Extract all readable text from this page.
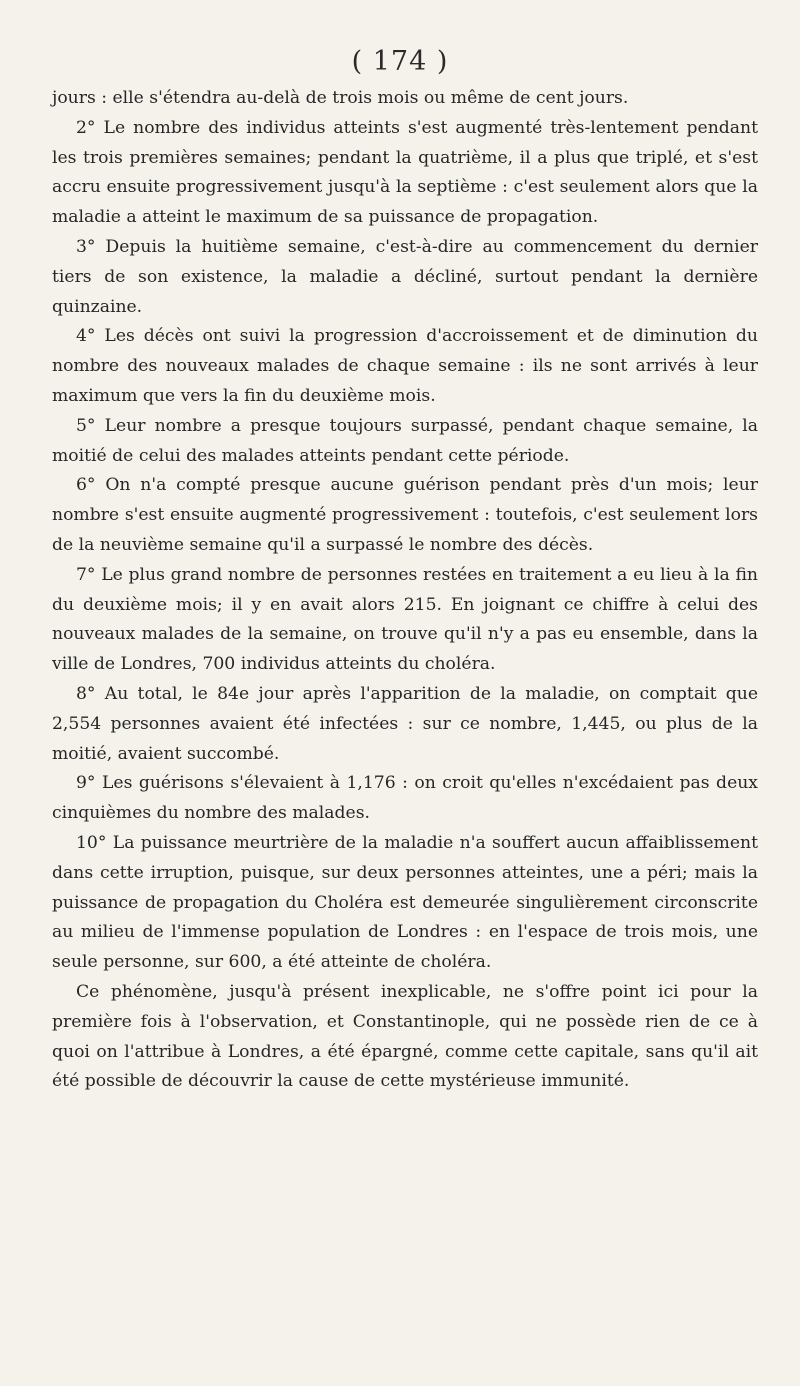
( 174 )

jours : elle s'étendra au-delà de trois mois ou même de cent jours.

2° Le nombre des individus atteints s'est augmenté très-lentement pendant les trois premières semaines; pendant la quatrième, il a plus que triplé, et s'est accru ensuite progressivement jusqu'à la septième : c'est seulement alors que la maladie a atteint le maximum de sa puissance de propagation.

3° Depuis la huitième semaine, c'est-à-dire au commencement du dernier tiers de son existence, la maladie a décliné, surtout pendant la dernière quinzaine.

4° Les décès ont suivi la progression d'accroissement et de diminution du nombre des nouveaux malades de chaque semaine : ils ne sont arrivés à leur maximum que vers la fin du deuxième mois.

5° Leur nombre a presque toujours surpassé, pendant chaque semaine, la moitié de celui des malades atteints pendant cette période.

6° On n'a compté presque aucune guérison pendant près d'un mois; leur nombre s'est ensuite augmenté progressivement : toutefois, c'est seulement lors de la neuvième semaine qu'il a surpassé le nombre des décès.

7° Le plus grand nombre de personnes restées en traitement a eu lieu à la fin du deuxième mois; il y en avait alors 215. En joignant ce chiffre à celui des nouveaux malades de la semaine, on trouve qu'il n'y a pas eu ensemble, dans la ville de Londres, 700 individus atteints du choléra.

8° Au total, le 84e jour après l'apparition de la maladie, on comptait que 2,554 personnes avaient été infectées : sur ce nombre, 1,445, ou plus de la moitié, avaient succombé.

9° Les guérisons s'élevaient à 1,176 : on croit qu'elles n'excédaient pas deux cinquièmes du nombre des malades.

10° La puissance meurtrière de la maladie n'a souffert aucun affaiblissement dans cette irruption, puisque, sur deux personnes atteintes, une a péri; mais la puissance de propagation du Choléra est demeurée singulièrement circonscrite au milieu de l'immense population de Londres : en l'espace de trois mois, une seule personne, sur 600, a été atteinte de choléra.

Ce phénomène, jusqu'à présent inexplicable, ne s'offre point ici pour la première fois à l'observation, et Constantinople, qui ne possède rien de ce à quoi on l'attribue à Londres, a été épargné, comme cette capitale, sans qu'il ait été possible de découvrir la cause de cette mystérieuse immunité.
